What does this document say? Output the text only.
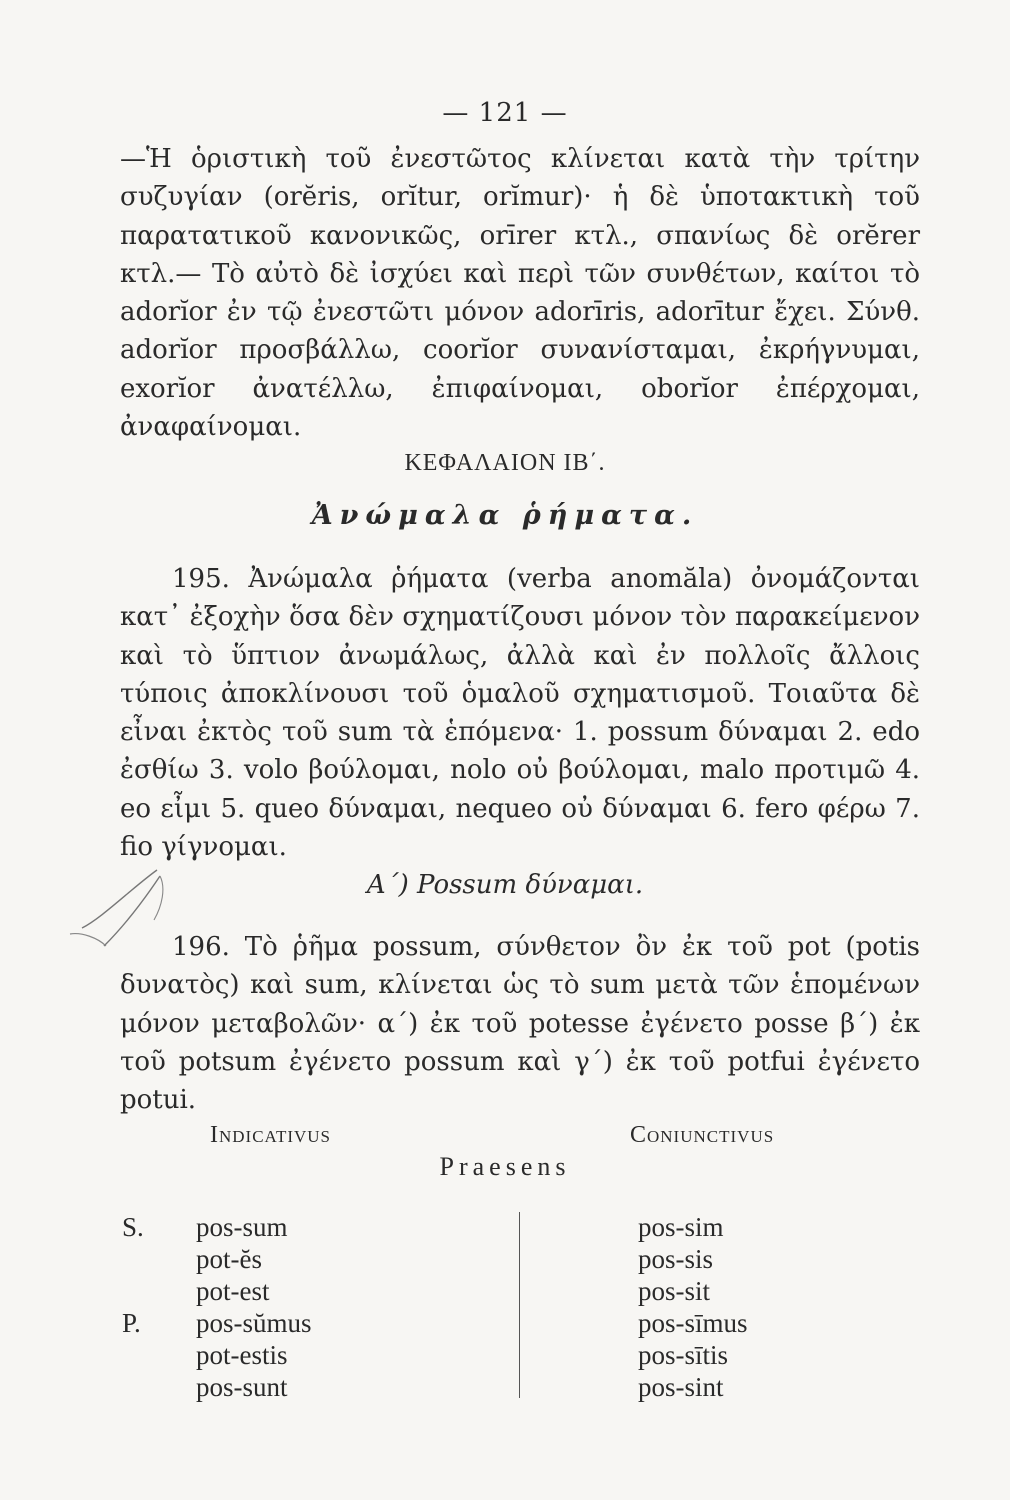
— 121 —

—Ἡ ὁριστικὴ τοῦ ἐνεστῶτος κλίνεται κατὰ τὴν τρίτην συζυγίαν (orĕris, orĭtur, orĭmur)· ἡ δὲ ὑποτακτικὴ τοῦ παρατατικοῦ κανονικῶς, orīrer κτλ., σπανίως δὲ orĕrer κτλ.— Τὸ αὐτὸ δὲ ἰσχύει καὶ περὶ τῶν συνθέτων, καίτοι τὸ adorĭor ἐν τῷ ἐνεστῶτι μόνον adorīris, adorītur ἔχει. Σύνθ. adorĭor προσβάλλω, coorĭor συνανίσταμαι, ἐκρήγνυμαι, exorĭor ἀνατέλλω, ἐπιφαίνομαι, oborĭor ἐπέρχομαι, ἀναφαίνομαι.

ΚΕΦΑΛΑΙΟΝ ΙΒ΄.
Ἀνώμαλα ῥήματα.

195. Ἀνώμαλα ῥήματα (verba anomăla) ὀνομάζονται κατ᾿ ἐξοχὴν ὅσα δὲν σχηματίζουσι μόνον τὸν παρακείμενον καὶ τὸ ὕπτιον ἀνωμάλως, ἀλλὰ καὶ ἐν πολλοῖς ἄλλοις τύποις ἀποκλίνουσι τοῦ ὁμαλοῦ σχηματισμοῦ. Τοιαῦτα δὲ εἶναι ἐκτὸς τοῦ sum τὰ ἑπόμενα· 1. possum δύναμαι 2. edo ἐσθίω 3. volo βούλομαι, nolo οὐ βούλομαι, malo προτιμῶ 4. eo εἶμι 5. queo δύναμαι, nequeo οὐ δύναμαι 6. fero φέρω 7. fio γίγνομαι.

Α΄) Possum δύναμαι.

196. Τὸ ῥῆμα possum, σύνθετον ὂν ἐκ τοῦ pot (potis δυνατὸς) καὶ sum, κλίνεται ὡς τὸ sum μετὰ τῶν ἑπομένων μόνον μεταβολῶν· α΄) ἐκ τοῦ potesse ἐγένετο posse β΄) ἐκ τοῦ potsum ἐγένετο possum καὶ γ΄) ἐκ τοῦ potfui ἐγένετο potui.

Indicativus	Coniunctivus
Praesens
S.
P.
pos-sum
pot-ĕs
pot-est
pos-sŭmus
pot-estis
pos-sunt
pos-sim
pos-sis
pos-sit
pos-sīmus
pos-sītis
pos-sint
